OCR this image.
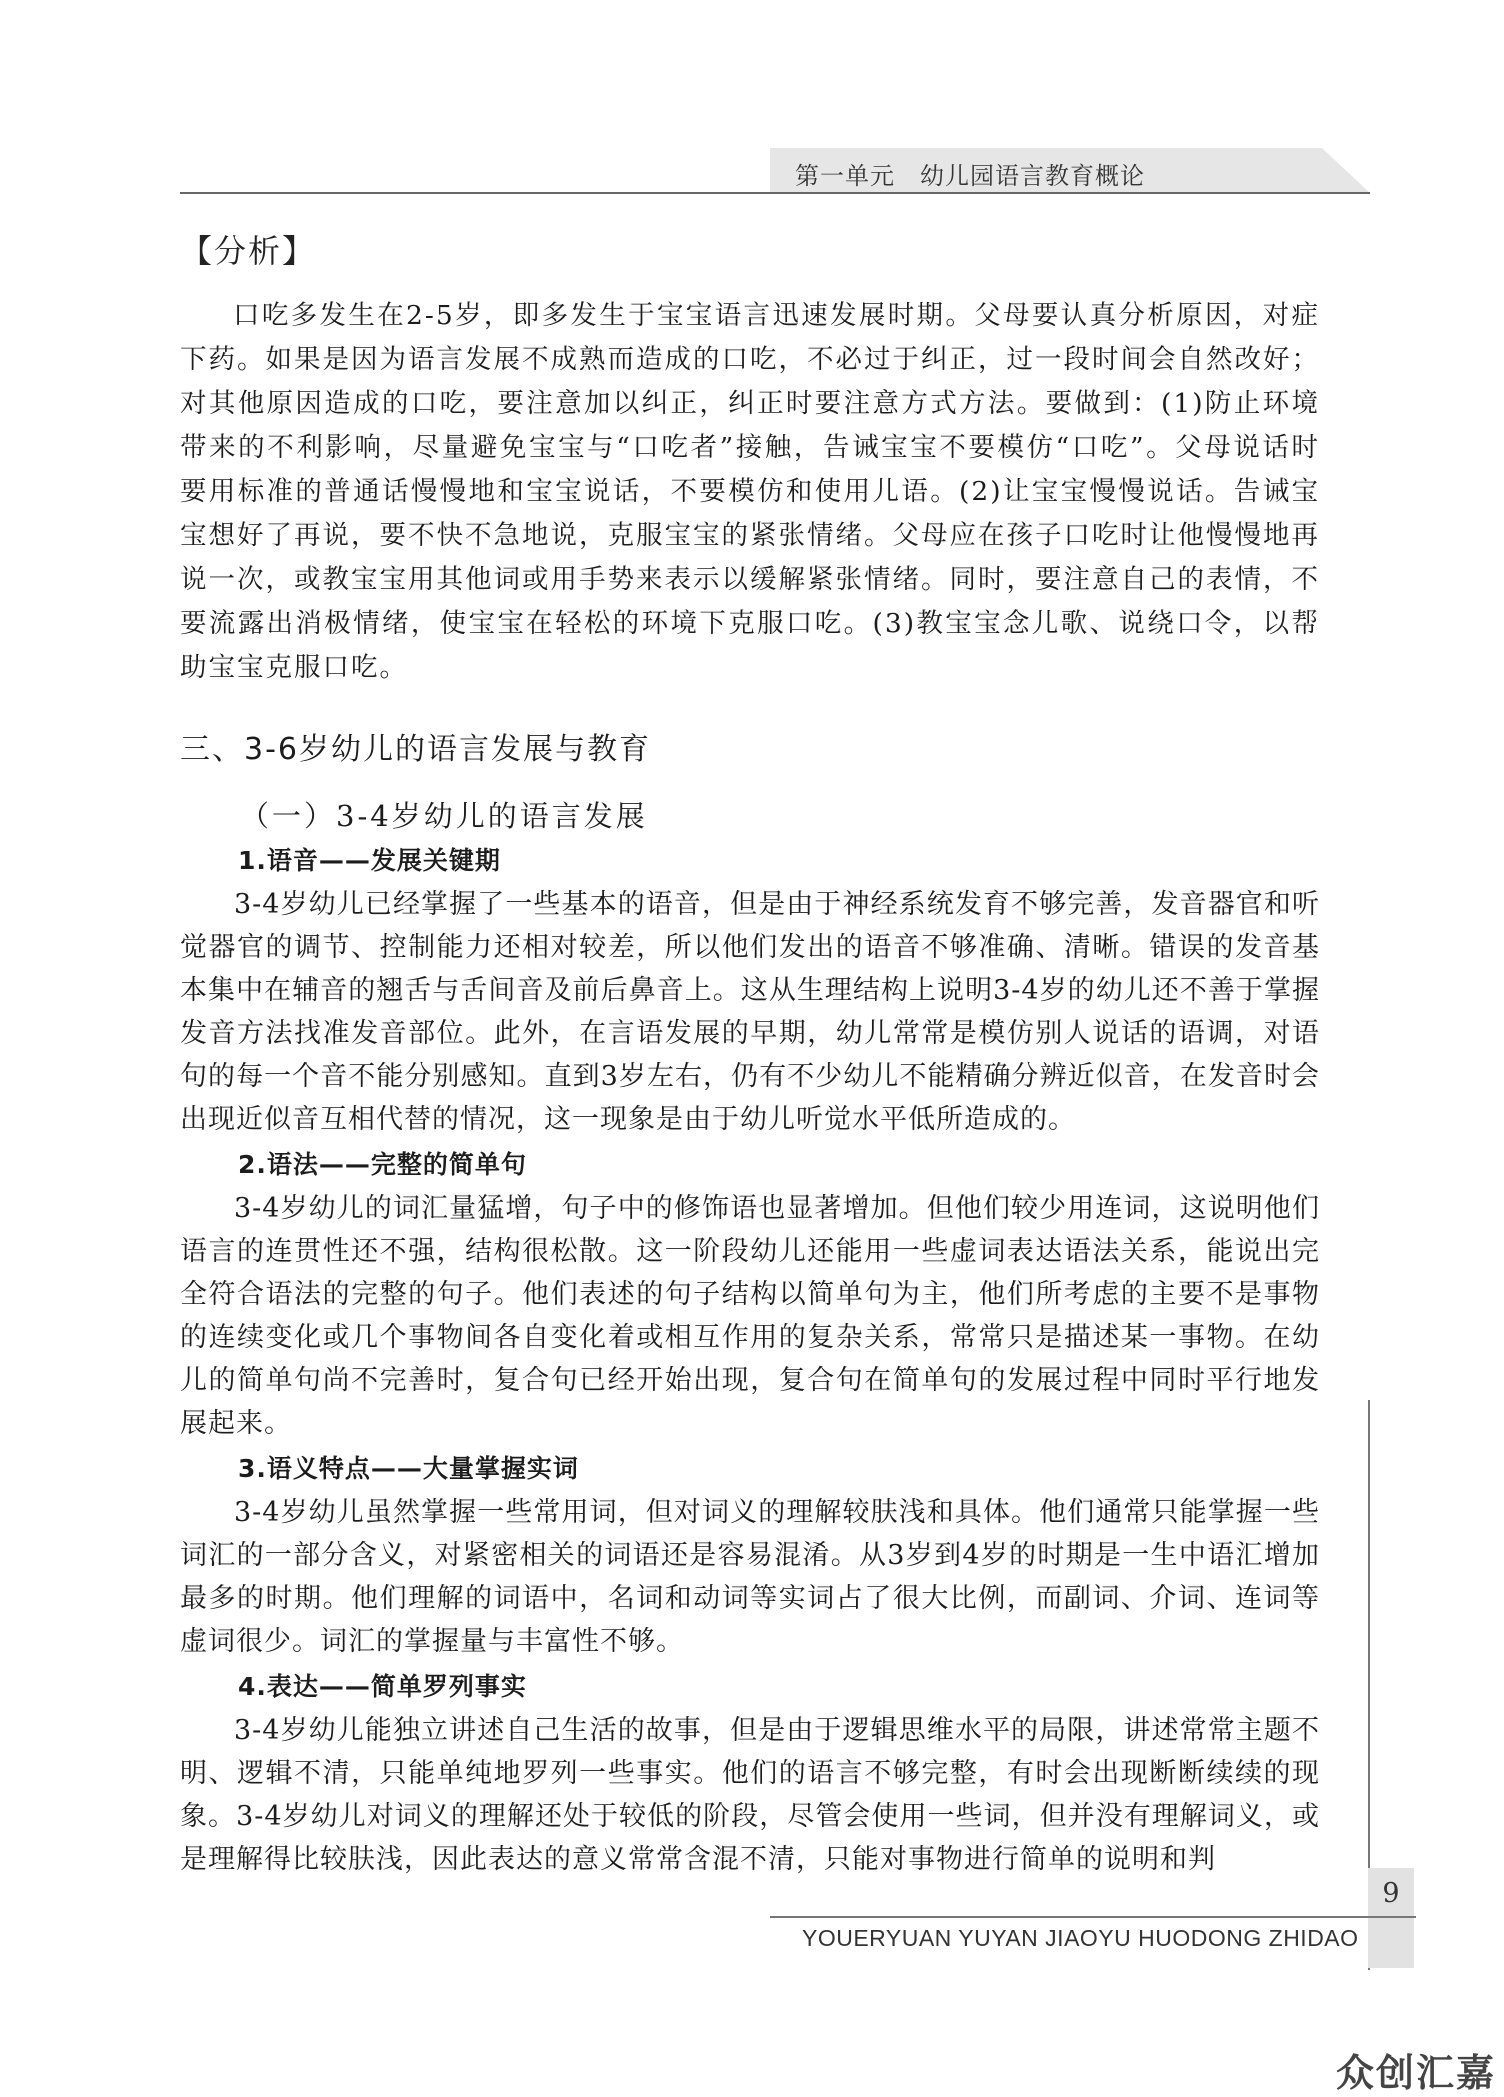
第一单元　幼儿园语言教育概论
【分析】

口吃多发生在2-5岁，即多发生于宝宝语言迅速发展时期。父母要认真分析原因，对症下药。如果是因为语言发展不成熟而造成的口吃，不必过于纠正，过一段时间会自然改好；对其他原因造成的口吃，要注意加以纠正，纠正时要注意方式方法。要做到：(1)防止环境带来的不利影响，尽量避免宝宝与“口吃者”接触，告诫宝宝不要模仿“口吃”。父母说话时要用标准的普通话慢慢地和宝宝说话，不要模仿和使用儿语。(2)让宝宝慢慢说话。告诫宝宝想好了再说，要不快不急地说，克服宝宝的紧张情绪。父母应在孩子口吃时让他慢慢地再说一次，或教宝宝用其他词或用手势来表示以缓解紧张情绪。同时，要注意自己的表情，不要流露出消极情绪，使宝宝在轻松的环境下克服口吃。(3)教宝宝念儿歌、说绕口令，以帮助宝宝克服口吃。

三、3-6岁幼儿的语言发展与教育
（一）3-4岁幼儿的语言发展
1.语音——发展关键期

3-4岁幼儿已经掌握了一些基本的语音，但是由于神经系统发育不够完善，发音器官和听觉器官的调节、控制能力还相对较差，所以他们发出的语音不够准确、清晰。错误的发音基本集中在辅音的翘舌与舌间音及前后鼻音上。这从生理结构上说明3-4岁的幼儿还不善于掌握发音方法找准发音部位。此外，在言语发展的早期，幼儿常常是模仿别人说话的语调，对语句的每一个音不能分别感知。直到3岁左右，仍有不少幼儿不能精确分辨近似音，在发音时会出现近似音互相代替的情况，这一现象是由于幼儿听觉水平低所造成的。

2.语法——完整的简单句

3-4岁幼儿的词汇量猛增，句子中的修饰语也显著增加。但他们较少用连词，这说明他们语言的连贯性还不强，结构很松散。这一阶段幼儿还能用一些虚词表达语法关系，能说出完全符合语法的完整的句子。他们表述的句子结构以简单句为主，他们所考虑的主要不是事物的连续变化或几个事物间各自变化着或相互作用的复杂关系，常常只是描述某一事物。在幼儿的简单句尚不完善时，复合句已经开始出现，复合句在简单句的发展过程中同时平行地发展起来。

3.语义特点——大量掌握实词

3-4岁幼儿虽然掌握一些常用词，但对词义的理解较肤浅和具体。他们通常只能掌握一些词汇的一部分含义，对紧密相关的词语还是容易混淆。从3岁到4岁的时期是一生中语汇增加最多的时期。他们理解的词语中，名词和动词等实词占了很大比例，而副词、介词、连词等虚词很少。词汇的掌握量与丰富性不够。

4.表达——简单罗列事实

3-4岁幼儿能独立讲述自己生活的故事，但是由于逻辑思维水平的局限，讲述常常主题不明、逻辑不清，只能单纯地罗列一些事实。他们的语言不够完整，有时会出现断断续续的现象。3-4岁幼儿对词义的理解还处于较低的阶段，尽管会使用一些词，但并没有理解词义，或是理解得比较肤浅，因此表达的意义常常含混不清，只能对事物进行简单的说明和判

9
YOUERYUAN YUYAN JIAOYU HUODONG ZHIDAO
众创汇嘉
